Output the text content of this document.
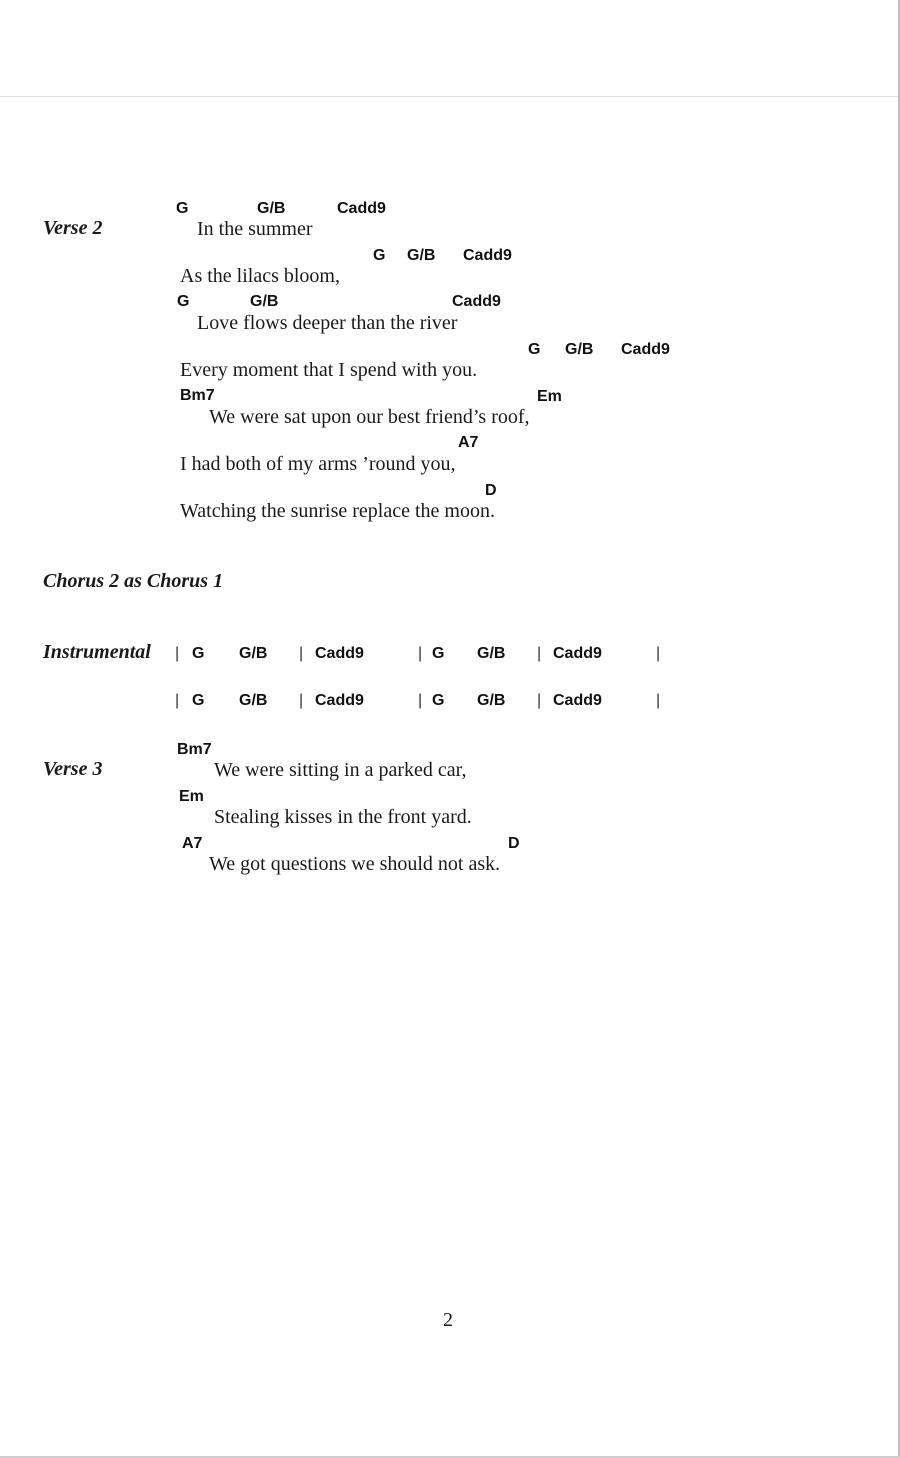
Verse 2
G	G/B	Cadd9
In the summer
G G/B Cadd9
As the lilacs bloom,
G	G/B	Cadd9
Love flows deeper than the river
G G/B Cadd9
Every moment that I spend with you.
Bm7	Em
We were sat upon our best friend’s roof,
A7
I had both of my arms ’round you,
D
Watching the sunrise replace the moon.
Chorus 2 as Chorus 1
Instrumental | G G/B | Cadd9	| G G/B | Cadd9	|
| G G/B | Cadd9	| G G/B | Cadd9	|
Bm7
Verse 3	We were sitting in a parked car,
Em
Stealing kisses in the front yard.
A7	D
We got questions we should not ask.
2
